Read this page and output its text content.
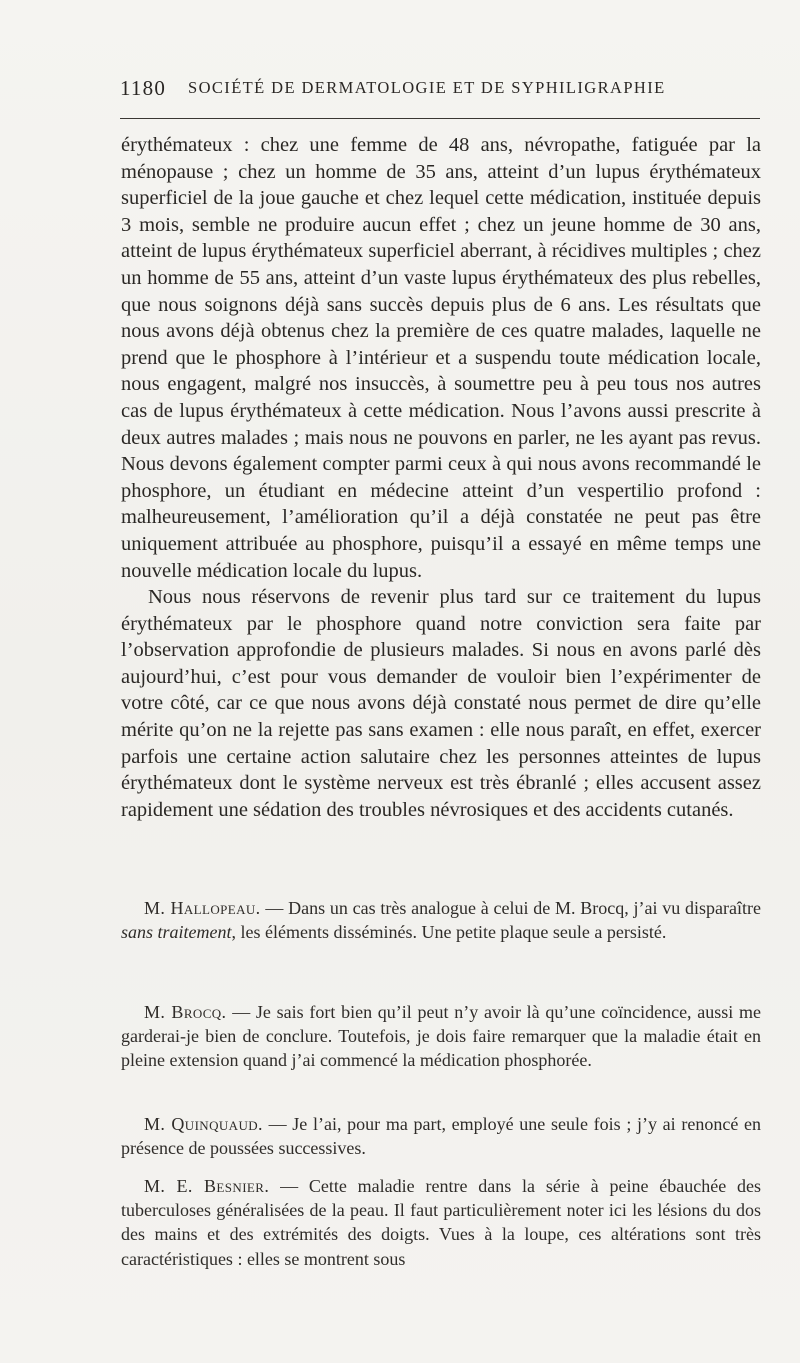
1180 SOCIÉTÉ DE DERMATOLOGIE ET DE SYPHILIGRAPHIE

érythémateux : chez une femme de 48 ans, névropathe, fatiguée par la ménopause ; chez un homme de 35 ans, atteint d’un lupus érythémateux superficiel de la joue gauche et chez lequel cette médication, instituée depuis 3 mois, semble ne produire aucun effet ; chez un jeune homme de 30 ans, atteint de lupus érythémateux superficiel aberrant, à récidives multiples ; chez un homme de 55 ans, atteint d’un vaste lupus érythémateux des plus rebelles, que nous soignons déjà sans succès depuis plus de 6 ans. Les résultats que nous avons déjà obtenus chez la première de ces quatre malades, laquelle ne prend que le phosphore à l’intérieur et a suspendu toute médication locale, nous engagent, malgré nos insuccès, à soumettre peu à peu tous nos autres cas de lupus érythémateux à cette médication. Nous l’avons aussi prescrite à deux autres malades ; mais nous ne pouvons en parler, ne les ayant pas revus. Nous devons également compter parmi ceux à qui nous avons recommandé le phosphore, un étudiant en médecine atteint d’un vespertilio profond : malheureusement, l’amélioration qu’il a déjà constatée ne peut pas être uniquement attribuée au phosphore, puisqu’il a essayé en même temps une nouvelle médication locale du lupus.

Nous nous réservons de revenir plus tard sur ce traitement du lupus érythémateux par le phosphore quand notre conviction sera faite par l’observation approfondie de plusieurs malades. Si nous en avons parlé dès aujourd’hui, c’est pour vous demander de vouloir bien l’expérimenter de votre côté, car ce que nous avons déjà constaté nous permet de dire qu’elle mérite qu’on ne la rejette pas sans examen : elle nous paraît, en effet, exercer parfois une certaine action salutaire chez les personnes atteintes de lupus érythémateux dont le système nerveux est très ébranlé ; elles accusent assez rapidement une sédation des troubles névrosiques et des accidents cutanés.

M. Hallopeau. — Dans un cas très analogue à celui de M. Brocq, j’ai vu disparaître sans traitement, les éléments disséminés. Une petite plaque seule a persisté.

M. Brocq. — Je sais fort bien qu’il peut n’y avoir là qu’une coïncidence, aussi me garderai-je bien de conclure. Toutefois, je dois faire remarquer que la maladie était en pleine extension quand j’ai commencé la médication phosphorée.

M. Quinquaud. — Je l’ai, pour ma part, employé une seule fois ; j’y ai renoncé en présence de poussées successives.

M. E. Besnier. — Cette maladie rentre dans la série à peine ébauchée des tuberculoses généralisées de la peau. Il faut particulièrement noter ici les lésions du dos des mains et des extrémités des doigts. Vues à la loupe, ces altérations sont très caractéristiques : elles se montrent sous
